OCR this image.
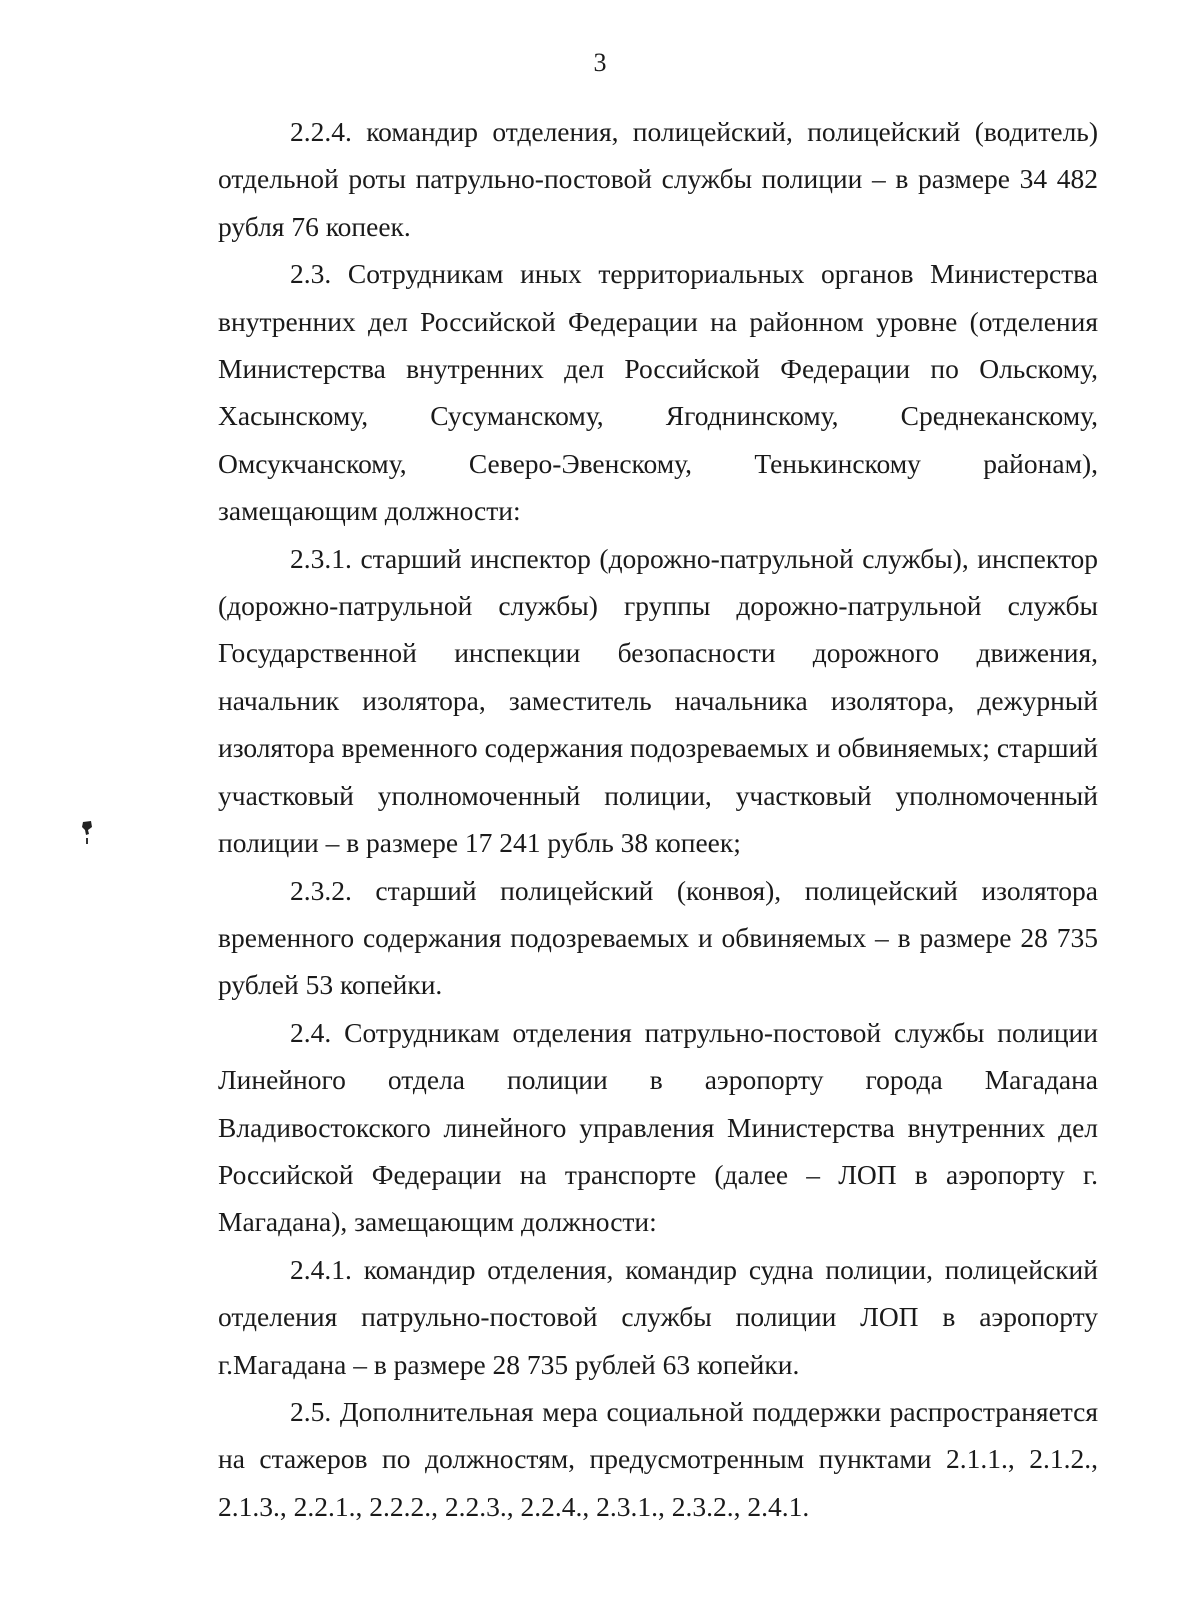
3

2.2.4. командир отделения, полицейский, полицейский (водитель) отдельной роты патрульно-постовой службы полиции – в размере 34 482 рубля 76 копеек.

2.3. Сотрудникам иных территориальных органов Министерства внутренних дел Российской Федерации на районном уровне (отделения Министерства внутренних дел Российской Федерации по Ольскому, Хасынскому, Сусуманскому, Ягоднинскому, Среднеканскому, Омсукчанскому, Северо-Эвенскому, Тенькинскому районам), замещающим должности:

2.3.1. старший инспектор (дорожно-патрульной службы), инспектор (дорожно-патрульной службы) группы дорожно-патрульной службы Государственной инспекции безопасности дорожного движения, начальник изолятора, заместитель начальника изолятора, дежурный изолятора временного содержания подозреваемых и обвиняемых; старший участковый уполномоченный полиции, участковый уполномоченный полиции – в размере 17 241 рубль 38 копеек;

2.3.2. старший полицейский (конвоя), полицейский изолятора временного содержания подозреваемых и обвиняемых – в размере 28 735 рублей 53 копейки.

2.4. Сотрудникам отделения патрульно-постовой службы полиции Линейного отдела полиции в аэропорту города Магадана Владивостокского линейного управления Министерства внутренних дел Российской Федерации на транспорте (далее – ЛОП в аэропорту г. Магадана), замещающим должности:

2.4.1. командир отделения, командир судна полиции, полицейский отделения патрульно-постовой службы полиции ЛОП в аэропорту г.Магадана – в размере 28 735 рублей 63 копейки.

2.5. Дополнительная мера социальной поддержки распространяется на стажеров по должностям, предусмотренным пунктами 2.1.1., 2.1.2., 2.1.3., 2.2.1., 2.2.2., 2.2.3., 2.2.4., 2.3.1., 2.3.2., 2.4.1.
